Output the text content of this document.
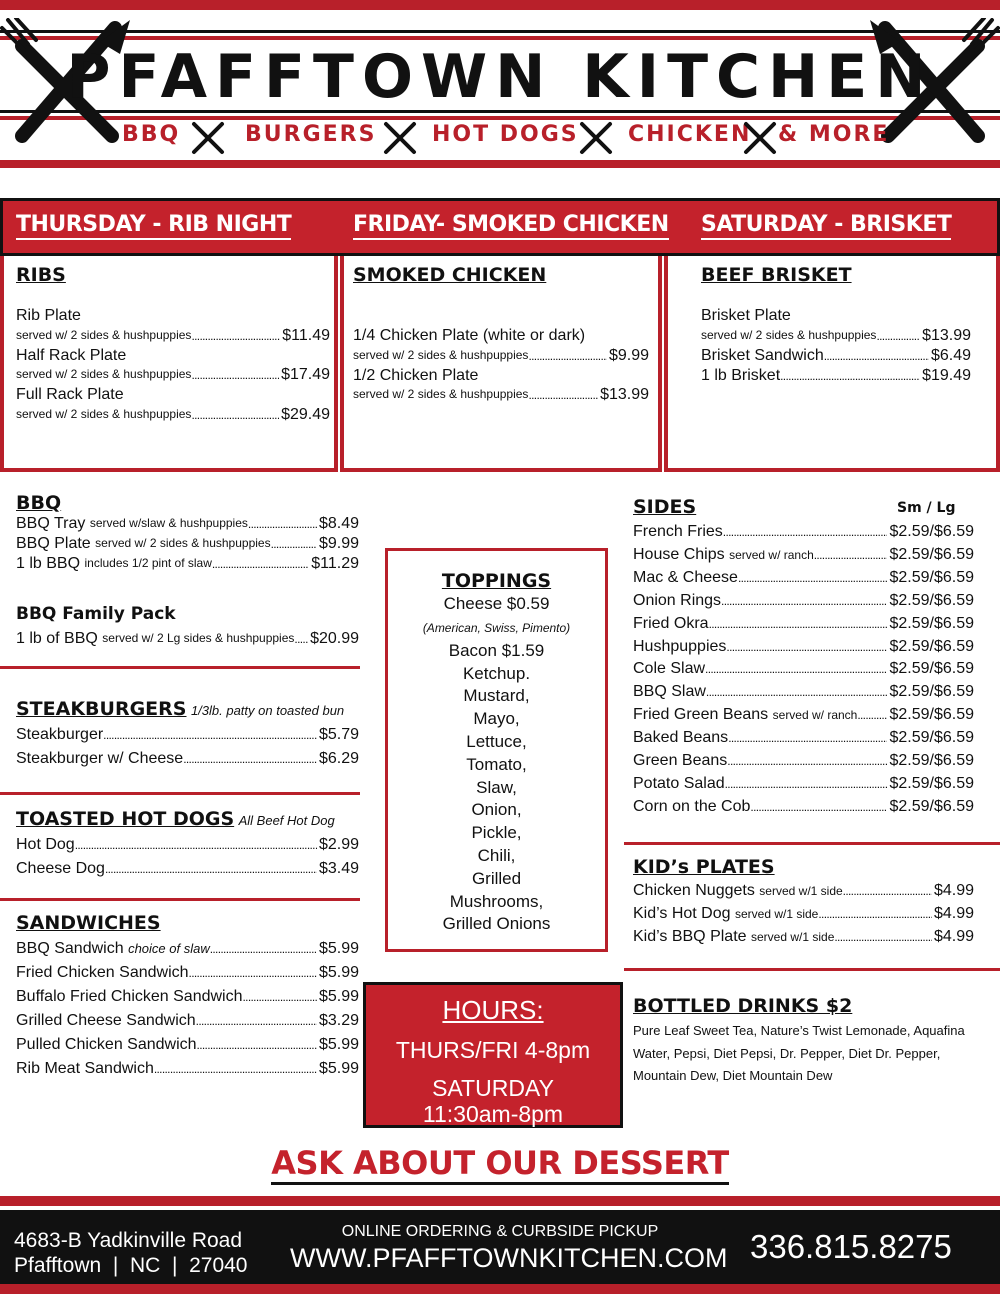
PFAFFTOWN KITCHEN
BBQ	BURGERS	HOT DOGS CHICKEN & MORE
THURSDAY - RIB NIGHT	FRIDAY- SMOKED CHICKEN SATURDAY - BRISKET
RIBS
Rib Plate
served w/ 2 sides & hushpuppies . . .	$11.49
Half Rack Plate
served w/ 2 sides & hushpuppies . . .	$17.49
Full Rack Plate
served w/ 2 sides & hushpuppies . . .	$29.49
SMOKED CHICKEN
1/4 Chicken Plate (white or dark)
served w/ 2 sides & hushpuppies . . .	$9.99
1/2 Chicken Plate
served w/ 2 sides & hushpuppies . . .	$13.99
BEEF BRISKET
Brisket Plate
served w/ 2 sides & hushpuppies . . .	$13.99
Brisket Sandwich . . .	$6.49
1 lb Brisket . . .	$19.49
BBQ
BBQ Tray
served w/slaw & hushpuppies . . .	$8.49
BBQ Plate
served w/ 2 sides & hushpuppies . . .	$9.99
1 lb BBQ
includes 1/2 pint of slaw . . .	$11.29
BBQ Family Pack
1 lb of BBQ
served w/ 2 Lg sides & hushpuppies . . . $20.99
STEAKBURGERS 1/3lb. patty on toasted bun
Steakburger . . .	$5.79
Steakburger w/ Cheese . . .	$6.29
TOASTED HOT DOGS All Beef Hot Dog
Hot Dog . . .	$2.99
Cheese Dog . . .	$3.49
SANDWICHES
BBQ Sandwich
choice of slaw . . .	$5.99
Fried Chicken Sandwich . . .	$5.99
Buffalo Fried Chicken Sandwich . . .	$5.99
Grilled Cheese Sandwich . . .	$3.29
Pulled Chicken Sandwich . . .	$5.99
Rib Meat Sandwich . . .	$5.99
TOPPINGS
Cheese $0.59
(American, Swiss, Pimento)
Bacon $1.59
Ketchup.
Mustard,
Mayo,
Lettuce,
Tomato,
Slaw,
Onion,
Pickle,
Chili,
Grilled
Mushrooms,
Grilled Onions
HOURS:
THURS/FRI 4-8pm
SATURDAY
11:30am-8pm
SIDES	Sm / Lg
French Fries . . .	$2.59/$6.59
House Chips
served w/ ranch . . .	$2.59/$6.59
Mac & Cheese . . .	$2.59/$6.59
Onion Rings . . .	$2.59/$6.59
Fried Okra . . .	$2.59/$6.59
Hushpuppies . . .	$2.59/$6.59
Cole Slaw . . .	$2.59/$6.59
BBQ Slaw . . .	$2.59/$6.59
Fried Green Beans
served w/ ranch . . . $2.59/$6.59
Baked Beans . . .	$2.59/$6.59
Green Beans . . .	$2.59/$6.59
Potato Salad . . .	$2.59/$6.59
Corn on the Cob . . .	$2.59/$6.59
KID’s PLATES
Chicken Nuggets
served w/1 side . . .	$4.99
Kid’s Hot Dog
served w/1 side . . .	$4.99
Kid’s BBQ Plate
served w/1 side . . .	$4.99
BOTTLED DRINKS $2
Pure Leaf Sweet Tea, Nature’s Twist Lemonade, Aquafina Water, Pepsi, Diet Pepsi, Dr. Pepper, Diet Dr. Pepper, Mountain Dew, Diet Mountain Dew
ASK ABOUT OUR DESSERT
4683-B Yadkinville Road
Pfafftown  |  NC  |  27040
ONLINE ORDERING & CURBSIDE PICKUP
WWW.PFAFFTOWNKITCHEN.COM 336.815.8275
